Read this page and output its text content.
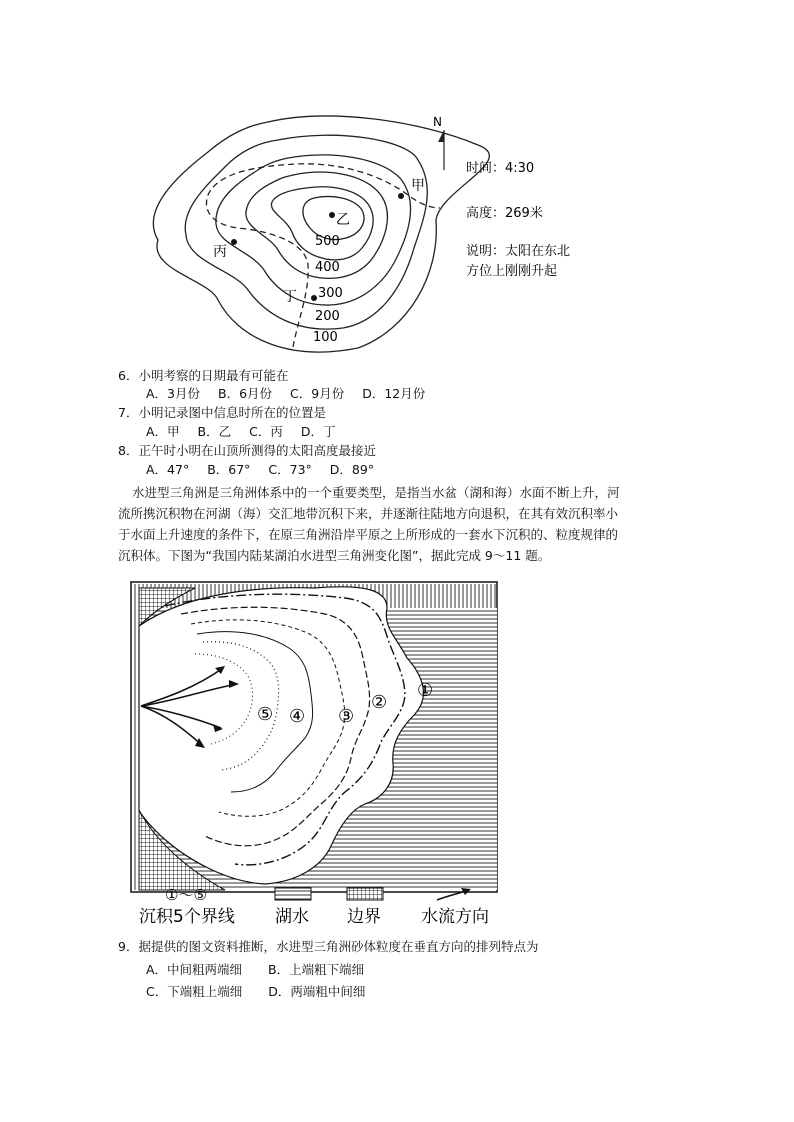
甲
乙
丙
丁
500
400
300
200
100
N
时间：4:30
高度：269米
说明：太阳在东北
方位上刚刚升起
6．小明考察的日期最有可能在
A．3月份 B．6月份 C．9月份 D．12月份
7．小明记录图中信息时所在的位置是
A．甲 B．乙 C．丙 D．丁
8．正午时小明在山顶所测得的太阳高度最接近
A．47° B．67° C．73° D．89°
水进型三角洲是三角洲体系中的一个重要类型，是指当水盆（湖和海）水面不断上升，河
流所携沉积物在河湖（海）交汇地带沉积下来，并逐渐往陆地方向退积，在其有效沉积率小
于水面上升速度的条件下，在原三角洲沿岸平原之上所形成的一套水下沉积的、粒度规律的
沉积体。下图为“我国内陆某湖泊水进型三角洲变化图”，据此完成 9～11 题。
①
②
③
④
⑤
①～⑤
沉积5个界线 湖水 边界 水流方向
9．据提供的图文资料推断，水进型三角洲砂体粒度在垂直方向的排列特点为
A．中间粗两端细 B．上端粗下端细
C．下端粗上端细 D．两端粗中间细
